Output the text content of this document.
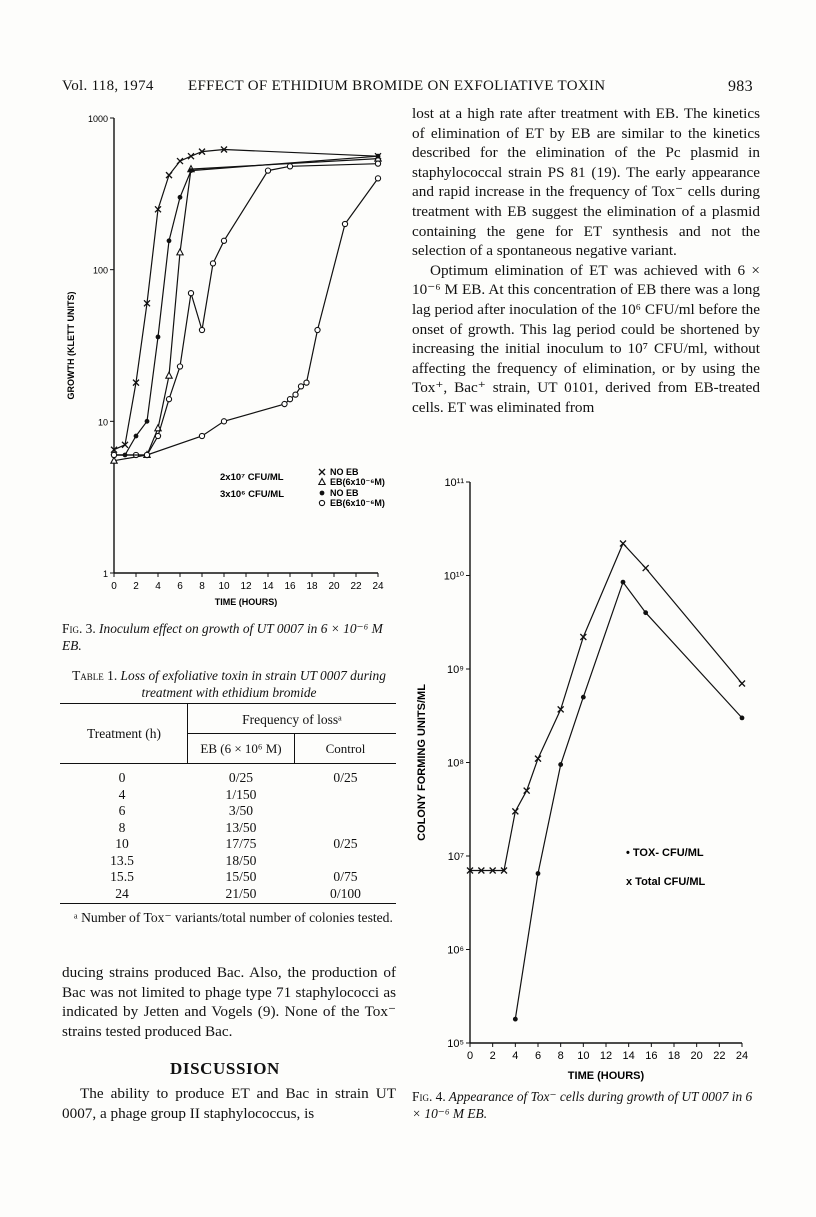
Vol. 118, 1974 EFFECT OF ETHIDIUM BROMIDE ON EXFOLIATIVE TOXIN	983
0 2 4 6 8 10 12 14 16 18 20 22 24
1
10
100
1000
TIME (HOURS)
GROWTH (KLETT UNITS)
2x10⁷ CFU/ML
3x10⁶ CFU/ML
NO EB
EB(6x10⁻⁶M)
NO EB
EB(6x10⁻⁶M)
Fig. 3. Inoculum effect on growth of UT 0007 in 6 × 10⁻⁶ M EB.
Table 1. Loss of exfoliative toxin in strain UT 0007 during treatment with ethidium bromide
Treatment (h)
Frequency of lossᵃ
EB (6 × 10⁶ M)	Control
0	0/25	0/25
4	1/150
6	3/50
8	13/50
10	17/75	0/25
13.5	18/50
15.5	15/50	0/75
24	21/50	0/100
ᵃ Number of Tox⁻ variants/total number of colonies tested.

ducing strains produced Bac. Also, the production of Bac was not limited to phage type 71 staphylococci as indicated by Jetten and Vogels (9). None of the Tox⁻ strains tested produced Bac.

DISCUSSION

The ability to produce ET and Bac in strain UT 0007, a phage group II staphylococcus, is

lost at a high rate after treatment with EB. The kinetics of elimination of ET by EB are similar to the kinetics described for the elimination of the Pc plasmid in staphylococcal strain PS 81 (19). The early appearance and rapid increase in the frequency of Tox⁻ cells during treatment with EB suggest the elimination of a plasmid containing the gene for ET synthesis and not the selection of a spontaneous negative variant.

Optimum elimination of ET was achieved with 6 × 10⁻⁶ M EB. At this concentration of EB there was a long lag period after inoculation of the 10⁶ CFU/ml before the onset of growth. This lag period could be shortened by increasing the initial inoculum to 10⁷ CFU/ml, without affecting the frequency of elimination, or by using the Tox⁺, Bac⁺ strain, UT 0101, derived from EB-treated cells. ET was eliminated from

0 2 4 6 8 10 12 14 16 18 20 22 24
10⁵
10⁶
10⁷
10⁸
10⁹
10¹⁰
10¹¹
TIME (HOURS)
COLONY FORMING UNITS/ML
• TOX- CFU/ML
x Total CFU/ML
Fig. 4. Appearance of Tox⁻ cells during growth of UT 0007 in 6 × 10⁻⁶ M EB.
